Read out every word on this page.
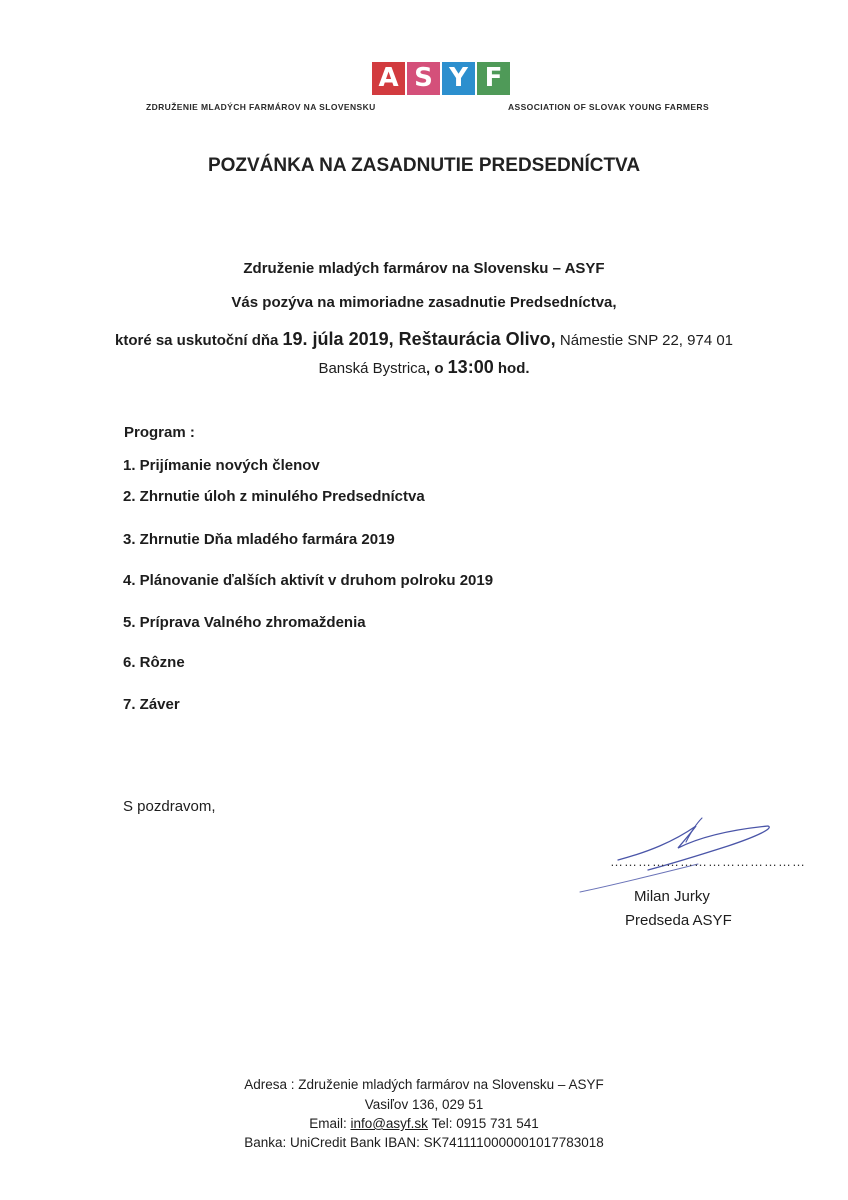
A S Y F
ZDRUŽENIE MLADÝCH FARMÁROV NA SLOVENSKU	ASSOCIATION OF SLOVAK YOUNG FARMERS
POZVÁNKA NA ZASADNUTIE PREDSEDNÍCTVA
Združenie mladých farmárov na Slovensku – ASYF
Vás pozýva na mimoriadne zasadnutie Predsedníctva,
ktoré sa uskutoční dňa 19. júla 2019, Reštaurácia Olivo, Námestie SNP 22, 974 01
Banská Bystrica, o 13:00 hod.
Program :
1. Prijímanie nových členov
2. Zhrnutie úloh z minulého Predsedníctva
3. Zhrnutie Dňa mladého farmára 2019
4. Plánovanie ďalších aktivít v druhom polroku 2019
5. Príprava Valného zhromaždenia
6. Rôzne
7. Záver
S pozdravom,
……………………………………
Milan Jurky
Predseda ASYF
Adresa : Združenie mladých farmárov na Slovensku – ASYF
Vasiľov 136, 029 51
Email: info@asyf.sk Tel: 0915 731 541
Banka: UniCredit Bank IBAN: SK7411110000001017783018
